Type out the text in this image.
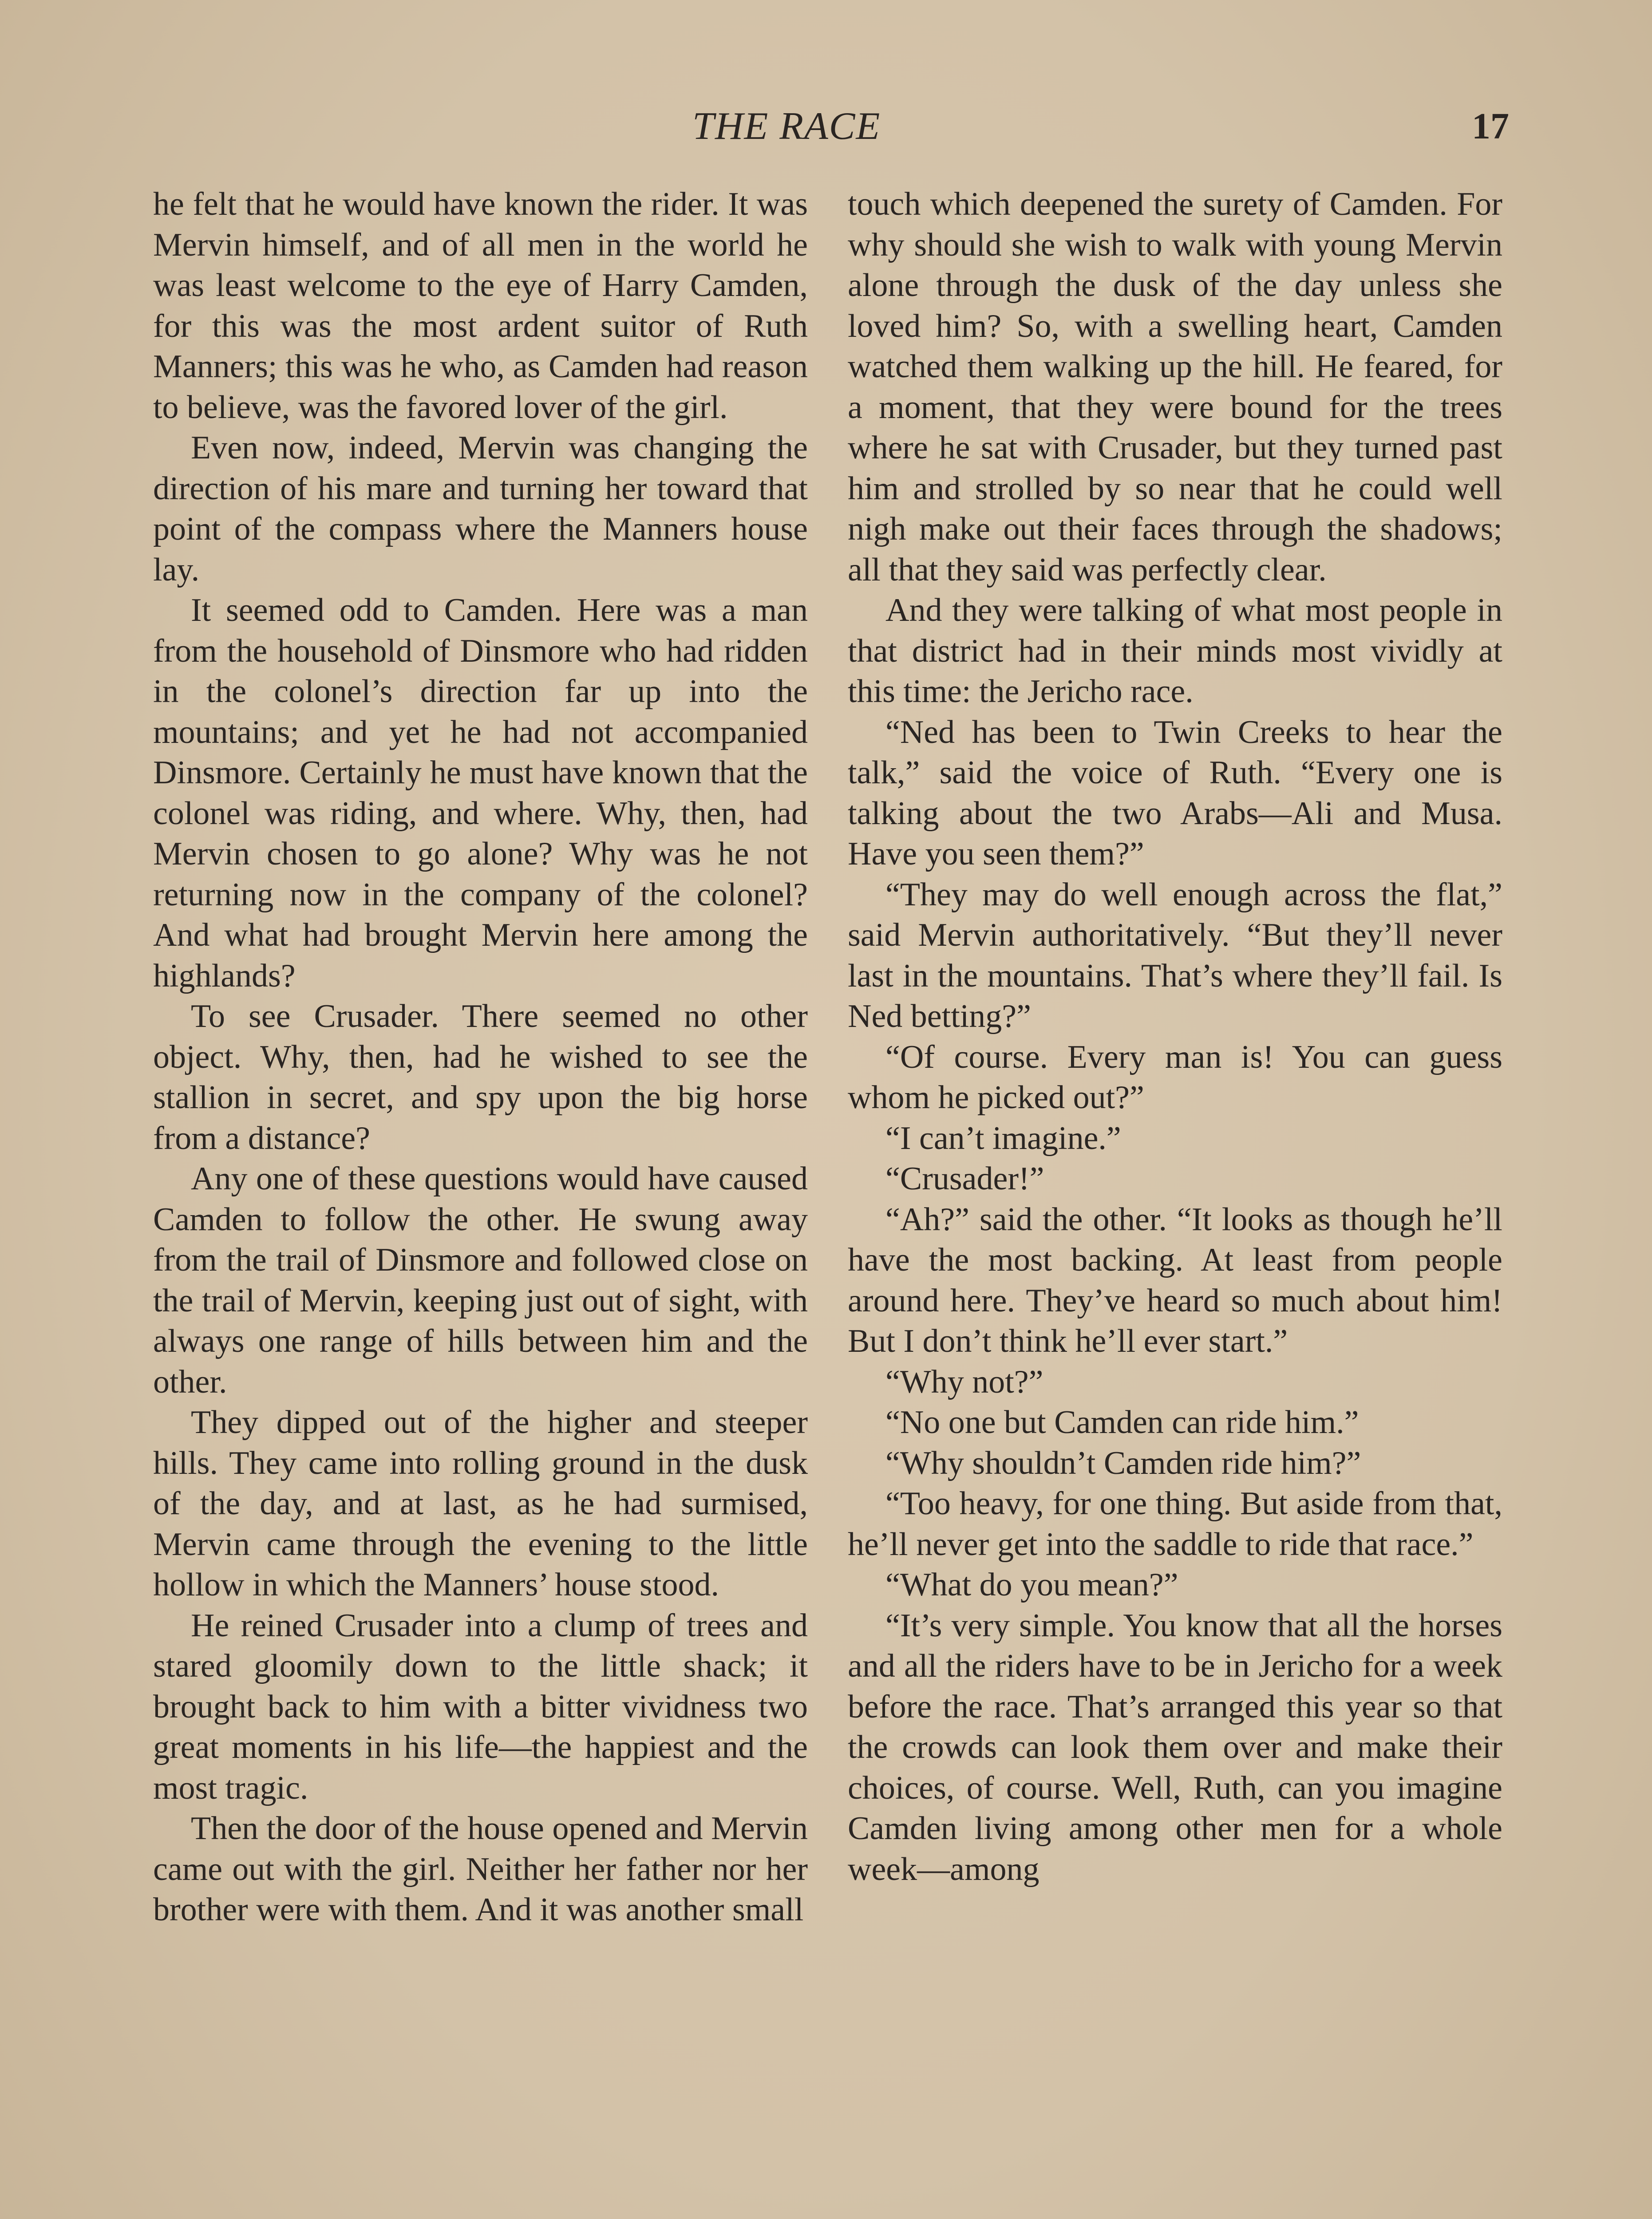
THE RACE	17

he felt that he would have known the rider. It was Mervin himself, and of all men in the world he was least welcome to the eye of Harry Camden, for this was the most ardent suitor of Ruth Manners; this was he who, as Camden had reason to believe, was the favored lover of the girl.

Even now, indeed, Mervin was changing the direction of his mare and turning her toward that point of the compass where the Manners house lay.

It seemed odd to Camden. Here was a man from the household of Dinsmore who had ridden in the colonel’s direction far up into the mountains; and yet he had not accompanied Dinsmore. Certainly he must have known that the colonel was riding, and where. Why, then, had Mervin chosen to go alone? Why was he not returning now in the company of the colonel? And what had brought Mervin here among the highlands?

To see Crusader. There seemed no other object. Why, then, had he wished to see the stallion in secret, and spy upon the big horse from a distance?

Any one of these questions would have caused Camden to follow the other. He swung away from the trail of Dinsmore and followed close on the trail of Mervin, keeping just out of sight, with always one range of hills between him and the other.

They dipped out of the higher and steeper hills. They came into rolling ground in the dusk of the day, and at last, as he had surmised, Mervin came through the evening to the little hollow in which the Manners’ house stood.

He reined Crusader into a clump of trees and stared gloomily down to the little shack; it brought back to him with a bitter vividness two great moments in his life—the happiest and the most tragic.

Then the door of the house opened and Mervin came out with the girl. Neither her father nor her brother were with them. And it was another small

touch which deepened the surety of Camden. For why should she wish to walk with young Mervin alone through the dusk of the day unless she loved him? So, with a swelling heart, Camden watched them walking up the hill. He feared, for a moment, that they were bound for the trees where he sat with Crusader, but they turned past him and strolled by so near that he could well nigh make out their faces through the shadows; all that they said was perfectly clear.

And they were talking of what most people in that district had in their minds most vividly at this time: the Jericho race.

“Ned has been to Twin Creeks to hear the talk,” said the voice of Ruth. “Every one is talking about the two Arabs—Ali and Musa. Have you seen them?”

“They may do well enough across the flat,” said Mervin authoritatively. “But they’ll never last in the mountains. That’s where they’ll fail. Is Ned betting?”

“Of course. Every man is! You can guess whom he picked out?”

“I can’t imagine.”

“Crusader!”

“Ah?” said the other. “It looks as though he’ll have the most backing. At least from people around here. They’ve heard so much about him! But I don’t think he’ll ever start.”

“Why not?”

“No one but Camden can ride him.”

“Why shouldn’t Camden ride him?”

“Too heavy, for one thing. But aside from that, he’ll never get into the saddle to ride that race.”

“What do you mean?”

“It’s very simple. You know that all the horses and all the riders have to be in Jericho for a week before the race. That’s arranged this year so that the crowds can look them over and make their choices, of course. Well, Ruth, can you imagine Camden living among other men for a whole week—among
